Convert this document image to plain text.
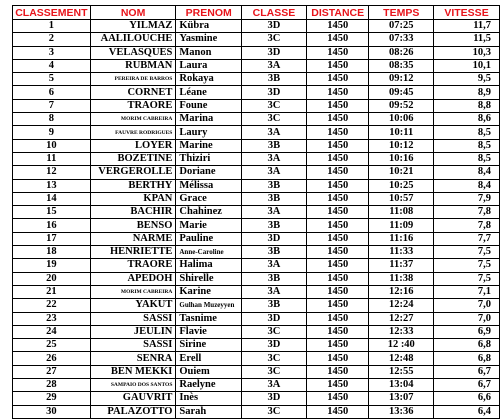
CLASSEMENT	NOM	PRENOM	CLASSE	DISTANCE	TEMPS	VITESSE
1	YILMAZ	Kübra	3D	1450	07:25	11,7
2	AALILOUCHE	Yasmine	3C	1450	07:33	11,5
3	VELASQUES	Manon	3D	1450	08:26	10,3
4	RUBMAN	Laura	3A	1450	08:35	10,1
5	PEREIRA DE BARROS	Rokaya	3B	1450	09:12	9,5
6	CORNET	Léane	3D	1450	09:45	8,9
7	TRAORE	Foune	3C	1450	09:52	8,8
8	MORIM CABREIRA	Marina	3C	1450	10:06	8,6
9	FAUVRE RODRIGUES	Laury	3A	1450	10:11	8,5
10	LOYER	Marine	3B	1450	10:12	8,5
11	BOZETINE	Thiziri	3A	1450	10:16	8,5
12	VERGEROLLE	Doriane	3A	1450	10:21	8,4
13	BERTHY	Mélissa	3B	1450	10:25	8,4
14	KPAN	Grace	3B	1450	10:57	7,9
15	BACHIR	Chahinez	3A	1450	11:08	7,8
16	BENSO	Marie	3B	1450	11:09	7,8
17	NARME	Pauline	3D	1450	11:16	7,7
18	HENRIETTE	Anne-Caroline	3B	1450	11:33	7,5
19	TRAORE	Halima	3A	1450	11:37	7,5
20	APEDOH	Shirelle	3B	1450	11:38	7,5
21	MORIM CABREIRA	Karine	3A	1450	12:16	7,1
22	YAKUT	Gulhan Muzeyyen	3B	1450	12:24	7,0
23	SASSI	Tasnime	3D	1450	12:27	7,0
24	JEULIN	Flavie	3C	1450	12:33	6,9
25	SASSI	Sirine	3D	1450	12 :40	6,8
26	SENRA	Erell	3C	1450	12:48	6,8
27	BEN MEKKI	Ouiem	3C	1450	12:55	6,7
28	SAMPAIO DOS SANTOS	Raelyne	3A	1450	13:04	6,7
29	GAUVRIT	Inès	3D	1450	13:07	6,6
30	PALAZOTTO	Sarah	3C	1450	13:36	6,4
